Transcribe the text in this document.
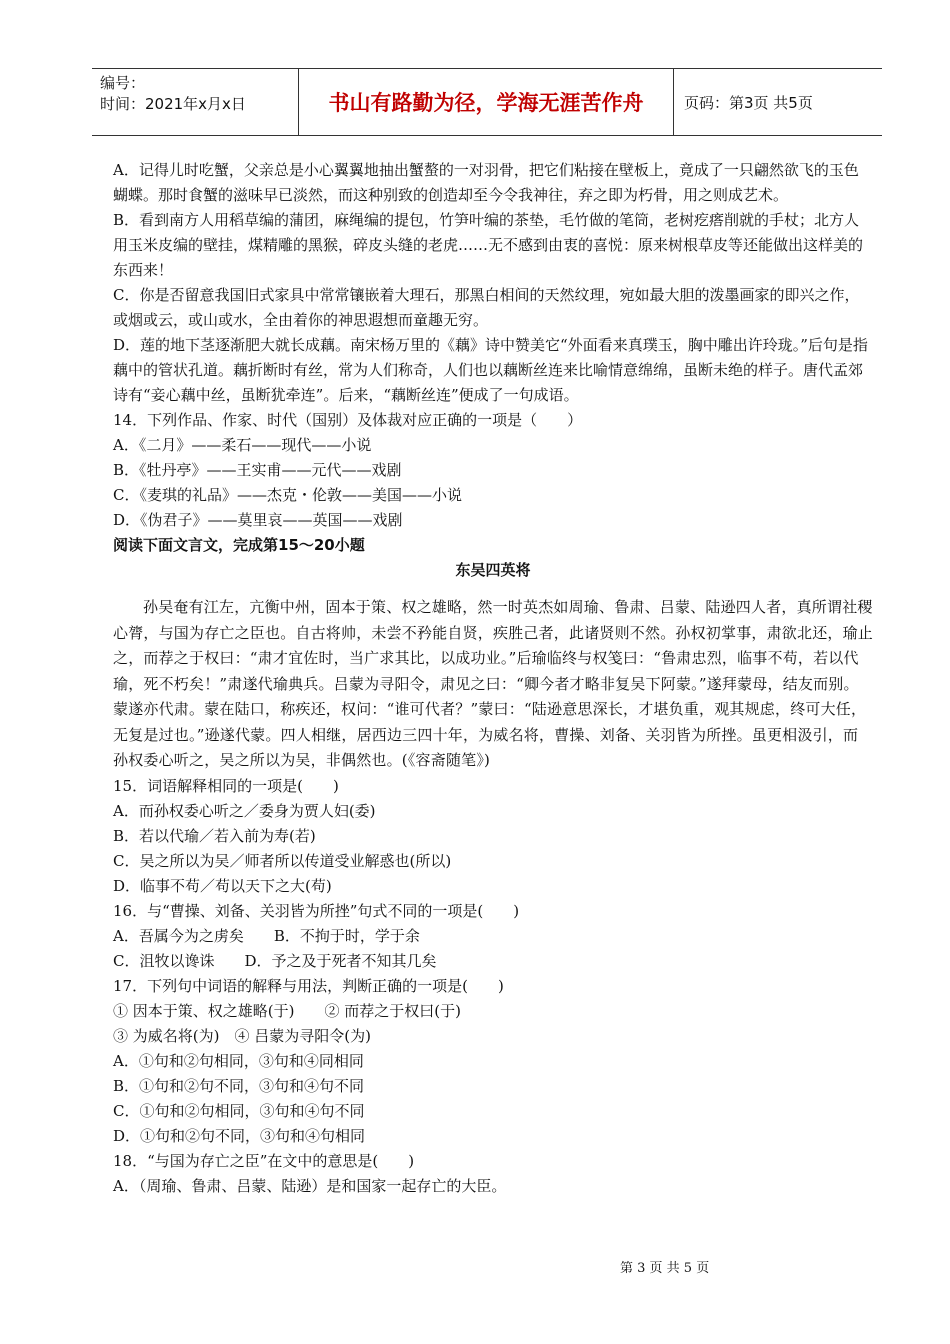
编号：
时间：2021年x月x日	书山有路勤为径，学海无涯苦作舟	页码：第3页 共5页

A．记得儿时吃蟹，父亲总是小心翼翼地抽出蟹螯的一对羽骨，把它们粘接在壁板上，竟成了一只翩然欲飞的玉色蝴蝶。那时食蟹的滋味早已淡然，而这种别致的创造却至今令我神往，弃之即为朽骨，用之则成艺术。

B．看到南方人用稻草编的蒲团，麻绳编的提包，竹笋叶编的茶垫，毛竹做的笔筒，老树疙瘩削就的手杖；北方人用玉米皮编的壁挂，煤精雕的黑猴，碎皮头缝的老虎……无不感到由衷的喜悦：原来树根草皮等还能做出这样美的东西来！

C．你是否留意我国旧式家具中常常镶嵌着大理石，那黑白相间的天然纹理，宛如最大胆的泼墨画家的即兴之作，或烟或云，或山或水，全由着你的神思遐想而童趣无穷。

D．莲的地下茎逐渐肥大就长成藕。南宋杨万里的《藕》诗中赞美它“外面看来真璞玉，胸中雕出许玲珑。”后句是指藕中的管状孔道。藕折断时有丝，常为人们称奇，人们也以藕断丝连来比喻情意绵绵，虽断未绝的样子。唐代孟郊诗有“妾心藕中丝，虽断犹牵连”。后来，“藕断丝连”便成了一句成语。

14．下列作品、作家、时代（国别）及体裁对应正确的一项是（　　）

A．《二月》——柔石——现代——小说

B．《牡丹亭》——王实甫——元代——戏剧

C．《麦琪的礼品》——杰克・伦敦——美国——小说

D．《伪君子》——莫里哀——英国——戏剧

阅读下面文言文，完成第15～20小题

东吴四英将

孙吴奄有江左，亢衡中州，固本于策、权之雄略，然一时英杰如周瑜、鲁肃、吕蒙、陆逊四人者，真所谓社稷心膂，与国为存亡之臣也。自古将帅，未尝不矜能自贤，疾胜己者，此诸贤则不然。孙权初掌事，肃欲北还，瑜止之，而荐之于权曰：“肃才宜佐时，当广求其比，以成功业。”后瑜临终与权笺曰：“鲁肃忠烈，临事不苟，若以代瑜，死不朽矣！”肃遂代瑜典兵。吕蒙为寻阳令，肃见之曰：“卿今者才略非复吴下阿蒙。”遂拜蒙母，结友而别。蒙遂亦代肃。蒙在陆口，称疾还，权问：“谁可代者？”蒙曰：“陆逊意思深长，才堪负重，观其规虑，终可大任，无复是过也。”逊遂代蒙。四人相继，居西边三四十年，为威名将，曹操、刘备、关羽皆为所挫。虽更相汲引，而孙权委心听之，吴之所以为吴，非偶然也。(《容斋随笔》)

15．词语解释相同的一项是(　　)

A．而孙权委心听之／委身为贾人妇(委)

B．若以代瑜／若入前为寿(若)

C．吴之所以为吴／师者所以传道受业解惑也(所以)

D．临事不苟／苟以天下之大(苟)

16．与“曹操、刘备、关羽皆为所挫”句式不同的一项是(　　)

A．吾属今为之虏矣　　B．不拘于时，学于余

C．沮牧以谗诛　　D．予之及于死者不知其几矣

17．下列句中词语的解释与用法，判断正确的一项是(　　)

① 因本于策、权之雄略(于)　　② 而荐之于权曰(于)

③ 为威名将(为)　④ 吕蒙为寻阳令(为)

A．①句和②句相同，③句和④同相同

B．①句和②句不同，③句和④句不同

C．①句和②句相同，③句和④句不同

D．①句和②句不同，③句和④句相同

18．“与国为存亡之臣”在文中的意思是(　　)

A．（周瑜、鲁肃、吕蒙、陆逊）是和国家一起存亡的大臣。

第 3 页 共 5 页
